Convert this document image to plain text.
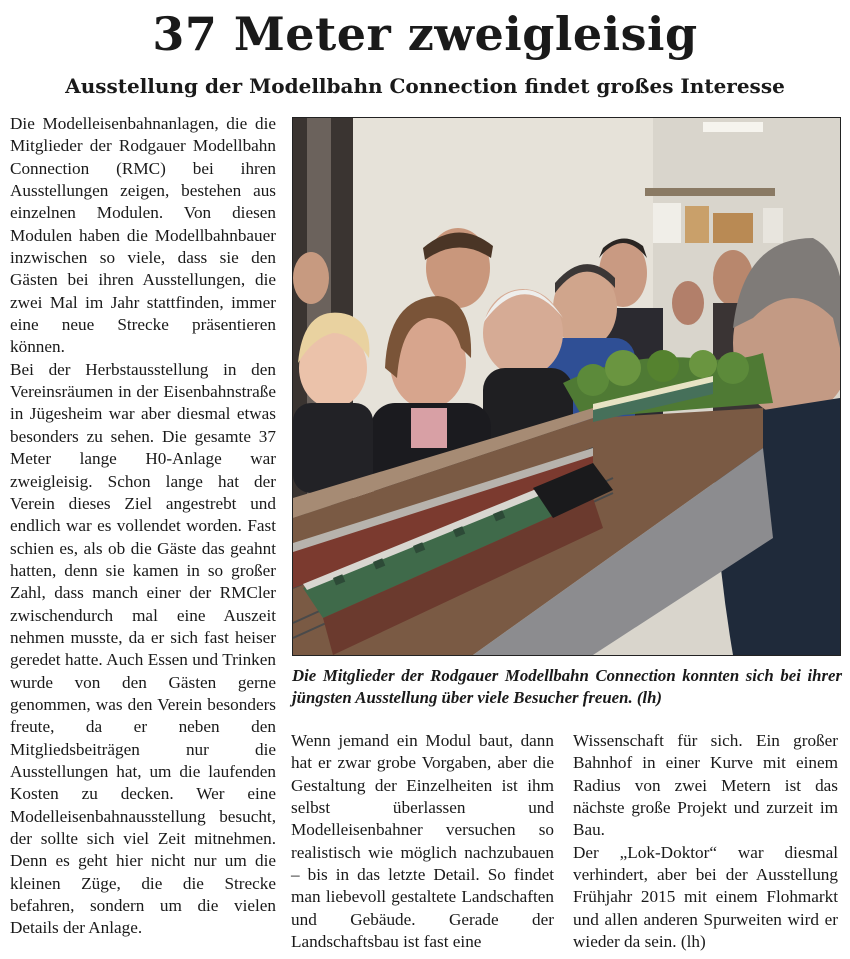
37 Meter zweigleisig
Ausstellung der Modellbahn Connection findet großes Interesse

Die Modelleisenbahnanlagen, die die Mitglieder der Rodgauer Modellbahn Connection (RMC) bei ihren Ausstellungen zeigen, bestehen aus einzelnen Modulen. Von diesen Modulen haben die Modellbahnbauer inzwischen so viele, dass sie den Gästen bei ihren Ausstellungen, die zwei Mal im Jahr stattfinden, immer eine neue Strecke präsentieren können.

Bei der Herbstausstellung in den Vereinsräumen in der Eisenbahnstraße in Jügesheim war aber diesmal etwas besonders zu sehen. Die gesamte 37 Meter lange H0-Anlage war zweigleisig. Schon lange hat der Verein dieses Ziel angestrebt und endlich war es vollendet worden. Fast schien es, als ob die Gäste das geahnt hatten, denn sie kamen in so großer Zahl, dass manch einer der RMCler zwischendurch mal eine Auszeit nehmen musste, da er sich fast heiser geredet hatte. Auch Essen und Trinken wurde von den Gästen gerne genommen, was den Verein besonders freute, da er neben den Mitgliedsbeiträgen nur die Ausstellungen hat, um die laufenden Kosten zu decken. Wer eine Modelleisenbahnausstellung besucht, der sollte sich viel Zeit mitnehmen. Denn es geht hier nicht nur um die kleinen Züge, die die Strecke befahren, sondern um die vielen Details der Anlage.

Die Mitglieder der Rodgauer Modellbahn Connection konnten sich bei ihrer jüngsten Ausstellung über viele Besucher freuen. (lh)

Wenn jemand ein Modul baut, dann hat er zwar grobe Vorgaben, aber die Gestaltung der Einzelheiten ist ihm selbst überlassen und Modelleisenbahner versuchen so realistisch wie möglich nachzubauen – bis in das letzte Detail. So findet man liebevoll gestaltete Landschaften und Gebäude. Gerade der Landschaftsbau ist fast eine

Wissenschaft für sich. Ein großer Bahnhof in einer Kurve mit einem Radius von zwei Metern ist das nächste große Projekt und zurzeit im Bau.

Der „Lok-Doktor“ war diesmal verhindert, aber bei der Ausstellung Frühjahr 2015 mit einem Flohmarkt und allen anderen Spurweiten wird er wieder da sein. (lh)
